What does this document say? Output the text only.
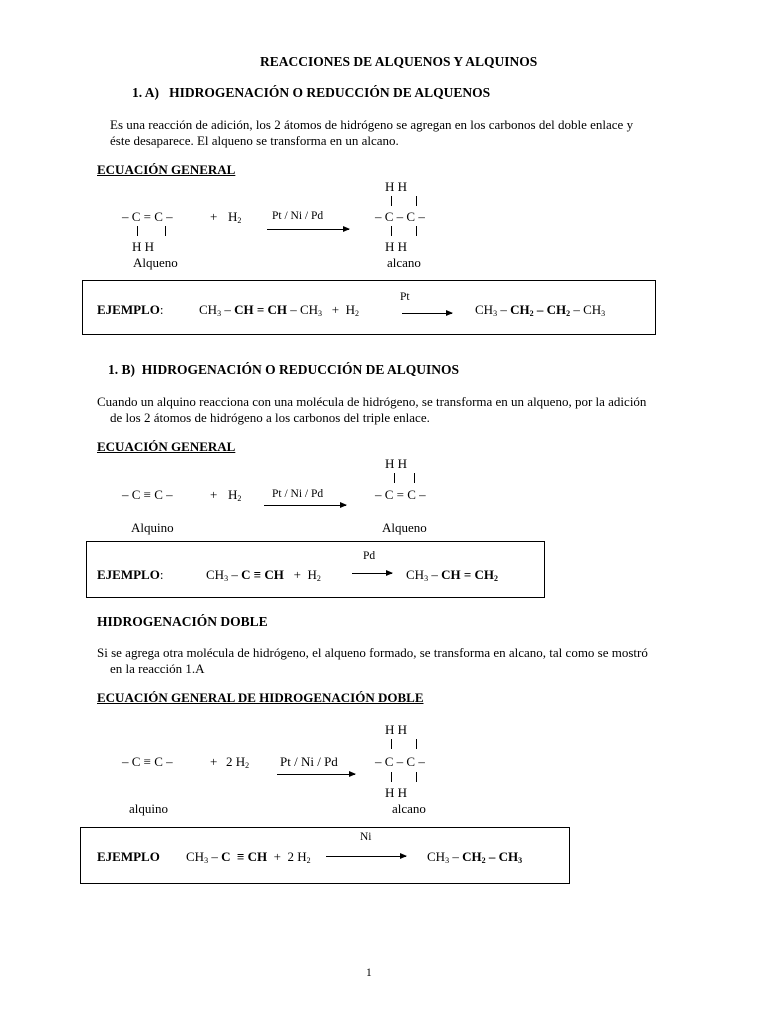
REACCIONES DE ALQUENOS Y ALQUINOS
1. A) HIDROGENACIÓN O REDUCCIÓN DE ALQUENOS
Es una reacción de adición, los 2 átomos de hidrógeno se agregan en los carbonos del doble enlace y
éste desaparece. El alqueno se transforma en un alcano.
ECUACIÓN GENERAL
H H
– C = C –	+ $H_2$	Pt / Ni / Pd	– C – C –
H H	H H
Alqueno	alcano
EJEMPLO:	$CH_3$ – CH = CH – $CH_3 + H_2$
Pt
$CH_3 - CH_2 - CH_2 - CH_3$
1. B) HIDROGENACIÓN O REDUCCIÓN DE ALQUINOS
Cuando un alquino reacciona con una molécula de hidrógeno, se transforma en un alqueno, por la adición
de los 2 átomos de hidrógeno a los carbonos del triple enlace.
ECUACIÓN GENERAL
H H
– C ≡ C –	+ $H_2$	Pt / Ni / Pd	– C = C –
Alquino	Alqueno
EJEMPLO:	$CH_3$ – C ≡ CH   +  $H_2$
Pd
$CH_3$ – CH = $CH_2$
HIDROGENACIÓN DOBLE
Si se agrega otra molécula de hidrógeno, el alqueno formado, se transforma en alcano, tal como se mostró
en la reacción 1.A
ECUACIÓN GENERAL DE HIDROGENACIÓN DOBLE
H H
– C ≡ C –	+ 2 $H_2$ Pt / Ni / Pd	– C – C –
H H
alquino	alcano
EJEMPLO $CH_3$ – C  ≡ CH  +  2 $H_2$
Ni
$CH_3 - CH_2 - CH_3$
1
